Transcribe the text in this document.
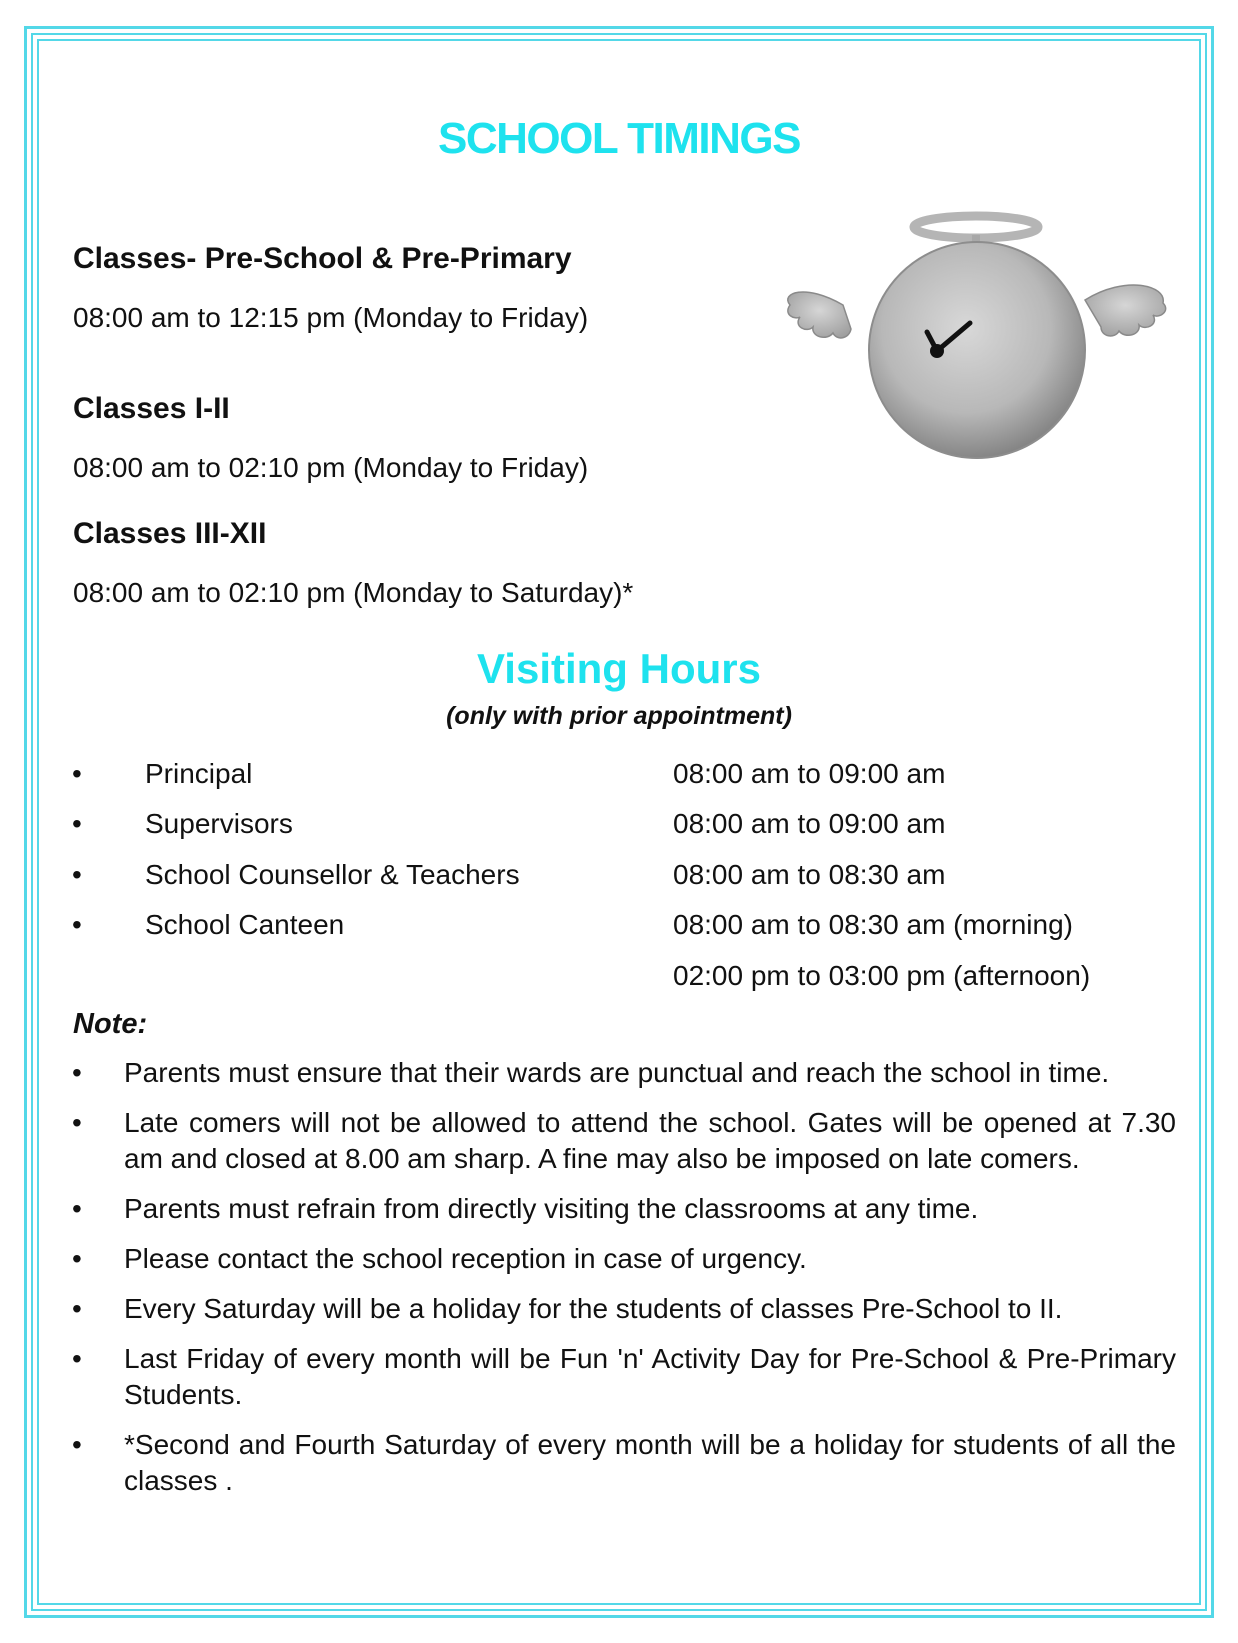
SCHOOL TIMINGS
Classes- Pre-School & Pre-Primary
08:00 am to 12:15 pm (Monday to Friday)
Classes I-II
08:00 am to 02:10 pm (Monday to Friday)
Classes III-XII
08:00 am to 02:10 pm (Monday to Saturday)*
Visiting Hours
(only with prior appointment)
• Principal	08:00 am to 09:00 am
• Supervisors	08:00 am to 09:00 am
• School Counsellor & Teachers	08:00 am to 08:30 am
• School Canteen	08:00 am to 08:30 am (morning)
02:00 pm to 03:00 pm (afternoon)
Note:
• Parents must ensure that their wards are punctual and reach the school in time.
• Late comers will not be allowed to attend the school. Gates will be opened at 7.30 am and closed at 8.00 am sharp. A fine may also be imposed on late comers.
• Parents must refrain from directly visiting the classrooms at any time.
• Please contact the school reception in case of urgency.
• Every Saturday will be a holiday for the students of classes Pre-School to II.
• Last Friday of every month will be Fun 'n' Activity Day for Pre-School & Pre-Primary Students.
• *Second and Fourth Saturday of every month will be a holiday for students of all the classes .
